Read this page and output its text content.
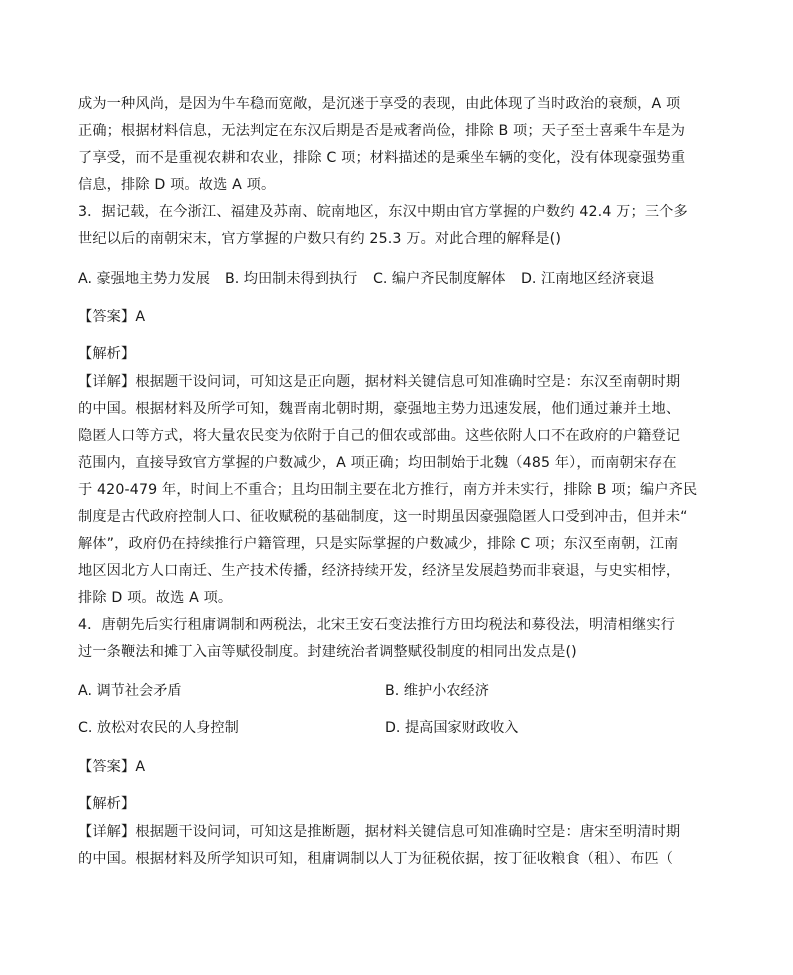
成为一种风尚，是因为牛车稳而宽敞，是沉迷于享受的表现，由此体现了当时政治的衰颓，A 项
正确；根据材料信息，无法判定在东汉后期是否是戒奢尚俭，排除 B 项；天子至士喜乘牛车是为
了享受，而不是重视农耕和农业，排除 C 项；材料描述的是乘坐车辆的变化，没有体现豪强势重
信息，排除 D 项。故选 A 项。
3．据记载，在今浙江、福建及苏南、皖南地区，东汉中期由官方掌握的户数约 42.4 万；三个多
世纪以后的南朝宋末，官方掌握的户数只有约 25.3 万。对此合理的解释是()
A. 豪强地主势力发展 B. 均田制未得到执行 C. 编户齐民制度解体 D. 江南地区经济衰退
【答案】A
【解析】
【详解】根据题干设问词，可知这是正向题，据材料关键信息可知准确时空是：东汉至南朝时期
的中国。根据材料及所学可知，魏晋南北朝时期，豪强地主势力迅速发展，他们通过兼并土地、
隐匿人口等方式，将大量农民变为依附于自己的佃农或部曲。这些依附人口不在政府的户籍登记
范围内，直接导致官方掌握的户数减少，A 项正确；均田制始于北魏（485 年），而南朝宋存在
于 420-479 年，时间上不重合；且均田制主要在北方推行，南方并未实行，排除 B 项；编户齐民
制度是古代政府控制人口、征收赋税的基础制度，这一时期虽因豪强隐匿人口受到冲击，但并未“
解体”，政府仍在持续推行户籍管理，只是实际掌握的户数减少，排除 C 项；东汉至南朝，江南
地区因北方人口南迁、生产技术传播，经济持续开发，经济呈发展趋势而非衰退，与史实相悖，
排除 D 项。故选 A 项。
4．唐朝先后实行租庸调制和两税法，北宋王安石变法推行方田均税法和募役法，明清相继实行
过一条鞭法和摊丁入亩等赋役制度。封建统治者调整赋役制度的相同出发点是()
A. 调节社会矛盾	B. 维护小农经济
C. 放松对农民的人身控制	D. 提高国家财政收入
【答案】A
【解析】
【详解】根据题干设问词，可知这是推断题，据材料关键信息可知准确时空是：唐宋至明清时期
的中国。根据材料及所学知识可知，租庸调制以人丁为征税依据，按丁征收粮食（租）、布匹（
